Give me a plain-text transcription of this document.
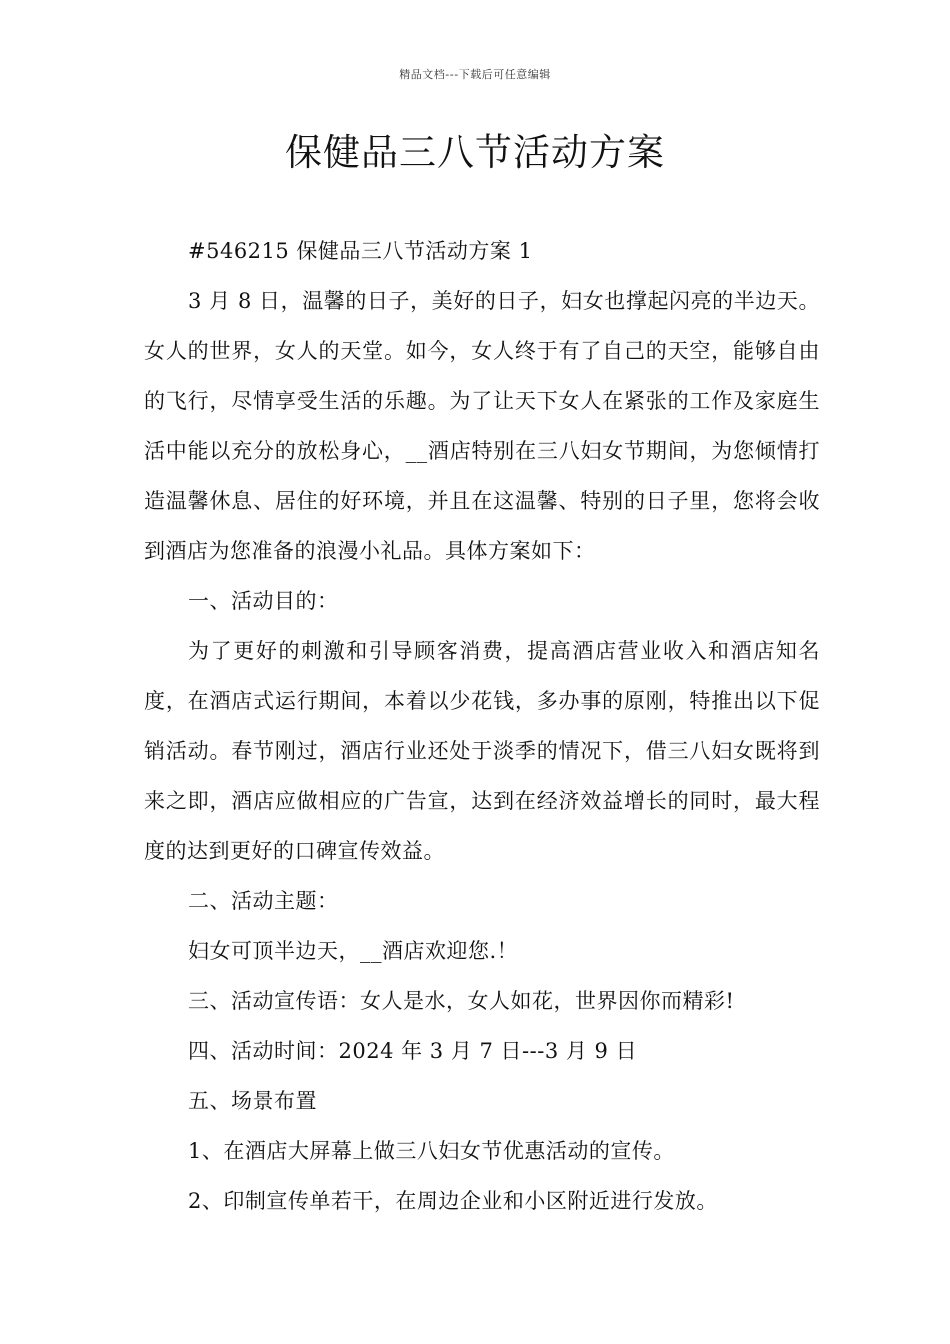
精品文档---下载后可任意编辑
保健品三八节活动方案

#546215 保健品三八节活动方案 1

3 月 8 日，温馨的日子，美好的日子，妇女也撑起闪亮的半边天。女人的世界，女人的天堂。如今，女人终于有了自己的天空，能够自由的飞行，尽情享受生活的乐趣。为了让天下女人在紧张的工作及家庭生活中能以充分的放松身心，__酒店特别在三八妇女节期间，为您倾情打造温馨休息、居住的好环境，并且在这温馨、特别的日子里，您将会收到酒店为您准备的浪漫小礼品。具体方案如下：

一、活动目的：

为了更好的刺激和引导顾客消费，提高酒店营业收入和酒店知名度，在酒店式运行期间，本着以少花钱，多办事的原刚，特推出以下促销活动。春节刚过，酒店行业还处于淡季的情况下，借三八妇女既将到来之即，酒店应做相应的广告宣，达到在经济效益增长的同时，最大程度的达到更好的口碑宣传效益。

二、活动主题：

妇女可顶半边天，__酒店欢迎您.！

三、活动宣传语：女人是水，女人如花，世界因你而精彩!

四、活动时间：2024 年 3 月 7 日---3 月 9 日

五、场景布置

1、在酒店大屏幕上做三八妇女节优惠活动的宣传。

2、印制宣传单若干，在周边企业和小区附近进行发放。
